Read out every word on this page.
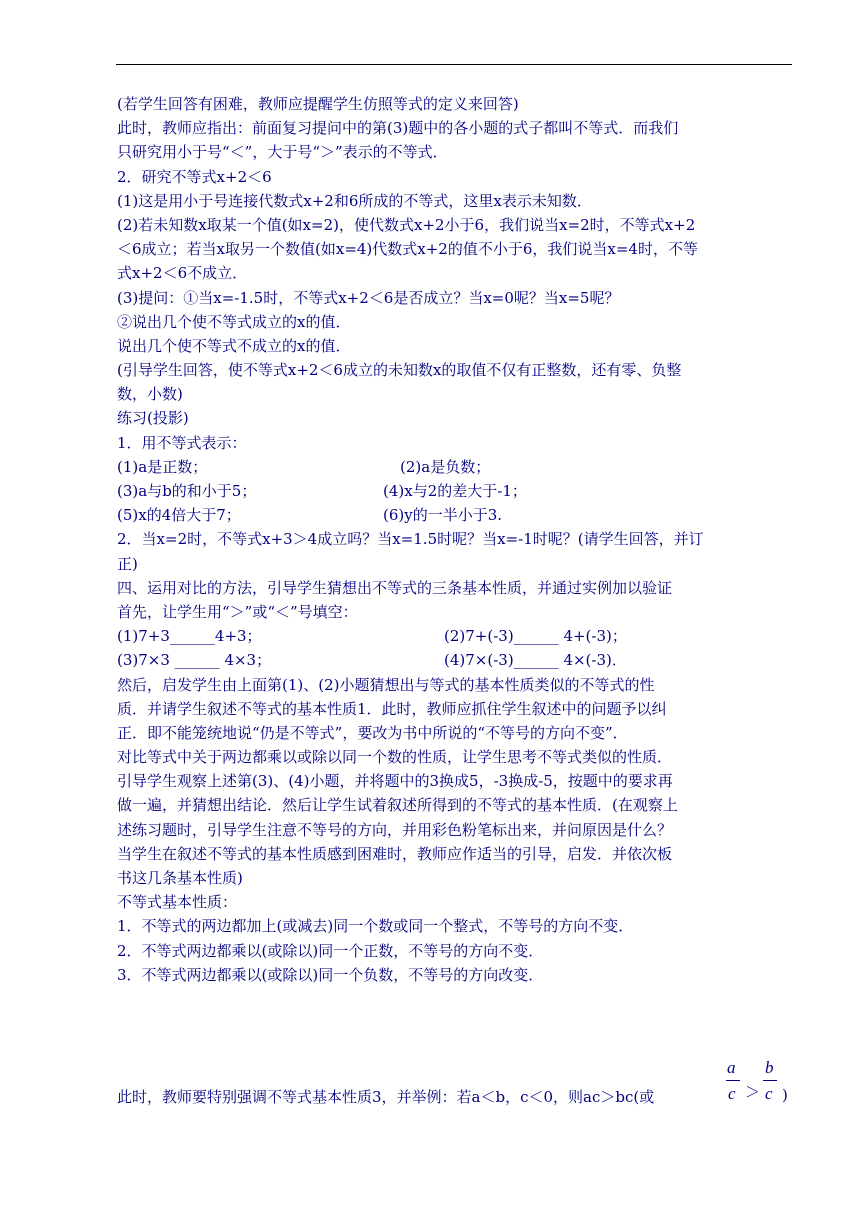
(若学生回答有困难，教师应提醒学生仿照等式的定义来回答)
此时，教师应指出：前面复习提问中的第(3)题中的各小题的式子都叫不等式．而我们
只研究用小于号“＜”，大于号“＞”表示的不等式．
2．研究不等式x+2＜6
(1)这是用小于号连接代数式x+2和6所成的不等式，这里x表示未知数．
(2)若未知数x取某一个值(如x=2)，使代数式x+2小于6，我们说当x=2时，不等式x+2
＜6成立；若当x取另一个数值(如x=4)代数式x+2的值不小于6，我们说当x=4时，不等
式x+2＜6不成立．
(3)提问：①当x=-1.5时，不等式x+2＜6是否成立？当x=0呢？当x=5呢？
②说出几个使不等式成立的x的值．
说出几个使不等式不成立的x的值．
(引导学生回答，使不等式x+2＜6成立的未知数x的取值不仅有正整数，还有零、负整
数，小数)
练习(投影)
1．用不等式表示：
(1)a是正数；	(2)a是负数；
(3)a与b的和小于5；	(4)x与2的差大于-1；
(5)x的4倍大于7；	(6)y的一半小于3.
2．当x=2时，不等式x+3＞4成立吗？当x=1.5时呢？当x=-1时呢？(请学生回答，并订
正)
四、运用对比的方法，引导学生猜想出不等式的三条基本性质，并通过实例加以验证
首先，让学生用“＞”或“＜”号填空：
(1)7+3______4+3；	(2)7+(-3)______ 4+(-3)；
(3)7×3 ______ 4×3；	(4)7×(-3)______ 4×(-3)．
然后，启发学生由上面第(1)、(2)小题猜想出与等式的基本性质类似的不等式的性
质．并请学生叙述不等式的基本性质1．此时，教师应抓住学生叙述中的问题予以纠
正．即不能笼统地说“仍是不等式”，要改为书中所说的“不等号的方向不变”．
对比等式中关于两边都乘以或除以同一个数的性质，让学生思考不等式类似的性质．
引导学生观察上述第(3)、(4)小题，并将题中的3换成5，-3换成-5，按题中的要求再
做一遍，并猜想出结论．然后让学生试着叙述所得到的不等式的基本性质．(在观察上
述练习题时，引导学生注意不等号的方向，并用彩色粉笔标出来，并问原因是什么？
当学生在叙述不等式的基本性质感到困难时，教师应作适当的引导，启发．并依次板
书这几条基本性质)
不等式基本性质：
1．不等式的两边都加上(或减去)同一个数或同一个整式，不等号的方向不变．
2．不等式两边都乘以(或除以)同一个正数，不等号的方向不变．
3．不等式两边都乘以(或除以)同一个负数，不等号的方向改变．
此时，教师要特别强调不等式基本性质3，并举例：若a＜b，c＜0，则ac＞bc(或
a
c ＞
b
c )
